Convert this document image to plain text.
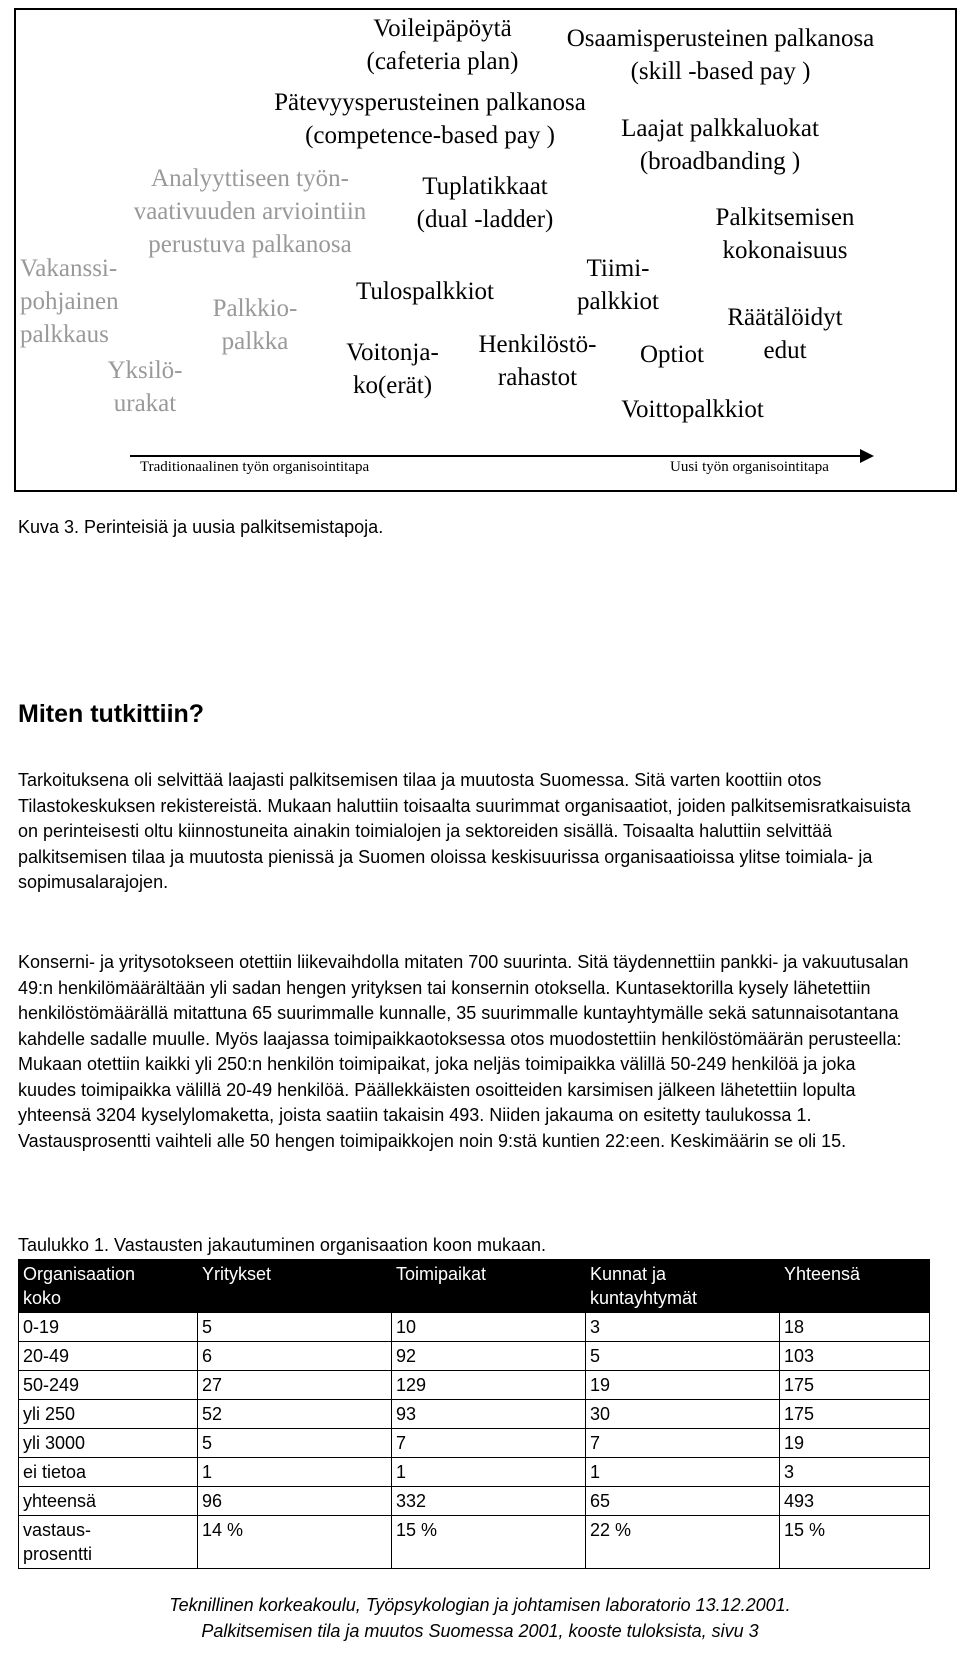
Voileipäpöytä
(cafeteria plan)
Osaamisperusteinen palkanosa
(skill -based pay )
Pätevyysperusteinen palkanosa
(competence-based pay )	Laajat palkkaluokat
(broadbanding )
Analyyttiseen työn-
vaativuuden arviointiin
perustuva palkanosa
Tuplatikkaat
(dual -ladder)	Palkitsemisen
kokonaisuus
Vakanssi-
pohjainen
palkkaus
Tiimi-
palkkiot
Tulospalkkiot
Palkkio-
palkka
Räätälöidyt
edut
Voitonja-
ko(erät)
Henkilöstö-
rahastot
Optiot
Yksilö-
urakat	Voittopalkkiot
Traditionaalinen työn organisointitapa	Uusi työn organisointitapa
Kuva 3. Perinteisiä ja uusia palkitsemistapoja.
Miten tutkittiin?
Tarkoituksena oli selvittää laajasti palkitsemisen tilaa ja muutosta Suomessa. Sitä varten koottiin otos Tilastokeskuksen rekistereistä. Mukaan haluttiin toisaalta suurimmat organisaatiot, joiden palkitsemisratkaisuista on perinteisesti oltu kiinnostuneita ainakin toimialojen ja sektoreiden sisällä. Toisaalta haluttiin selvittää palkitsemisen tilaa ja muutosta pienissä ja Suomen oloissa keskisuurissa organisaatioissa ylitse toimiala- ja sopimusalarajojen.
Konserni- ja yritysotokseen otettiin liikevaihdolla mitaten 700 suurinta. Sitä täydennettiin pankki- ja vakuutusalan 49:n henkilömäärältään yli sadan hengen yrityksen tai konsernin otoksella. Kuntasektorilla kysely lähetettiin henkilöstömäärällä mitattuna 65 suurimmalle kunnalle, 35 suurimmalle kuntayhtymälle sekä satunnaisotantana kahdelle sadalle muulle. Myös laajassa toimipaikkaotoksessa otos muodostettiin henkilöstömäärän perusteella: Mukaan otettiin kaikki yli 250:n henkilön toimipaikat, joka neljäs toimipaikka välillä 50-249 henkilöä ja joka kuudes toimipaikka välillä 20-49 henkilöä. Päällekkäisten osoitteiden karsimisen jälkeen lähetettiin lopulta yhteensä 3204 kyselylomaketta, joista saatiin takaisin 493. Niiden jakauma on esitetty taulukossa 1. Vastausprosentti vaihteli alle 50 hengen toimipaikkojen noin 9:stä kuntien 22:een. Keskimäärin se oli 15.
Taulukko 1. Vastausten jakautuminen organisaation koon mukaan.
Organisaation
koko	Yritykset	Toimipaikat	Kunnat ja
kuntayhtymät	Yhteensä
0-19	5	10	3	18
20-49	6	92	5	103
50-249	27	129	19	175
yli 250	52	93	30	175
yli 3000	5	7	7	19
ei tietoa	1	1	1	3
yhteensä	96	332	65	493
vastaus-
prosentti	14 %	15 %	22 %	15 %
Teknillinen korkeakoulu, Työpsykologian ja johtamisen laboratorio 13.12.2001.
Palkitsemisen tila ja muutos Suomessa 2001, kooste tuloksista, sivu 3
